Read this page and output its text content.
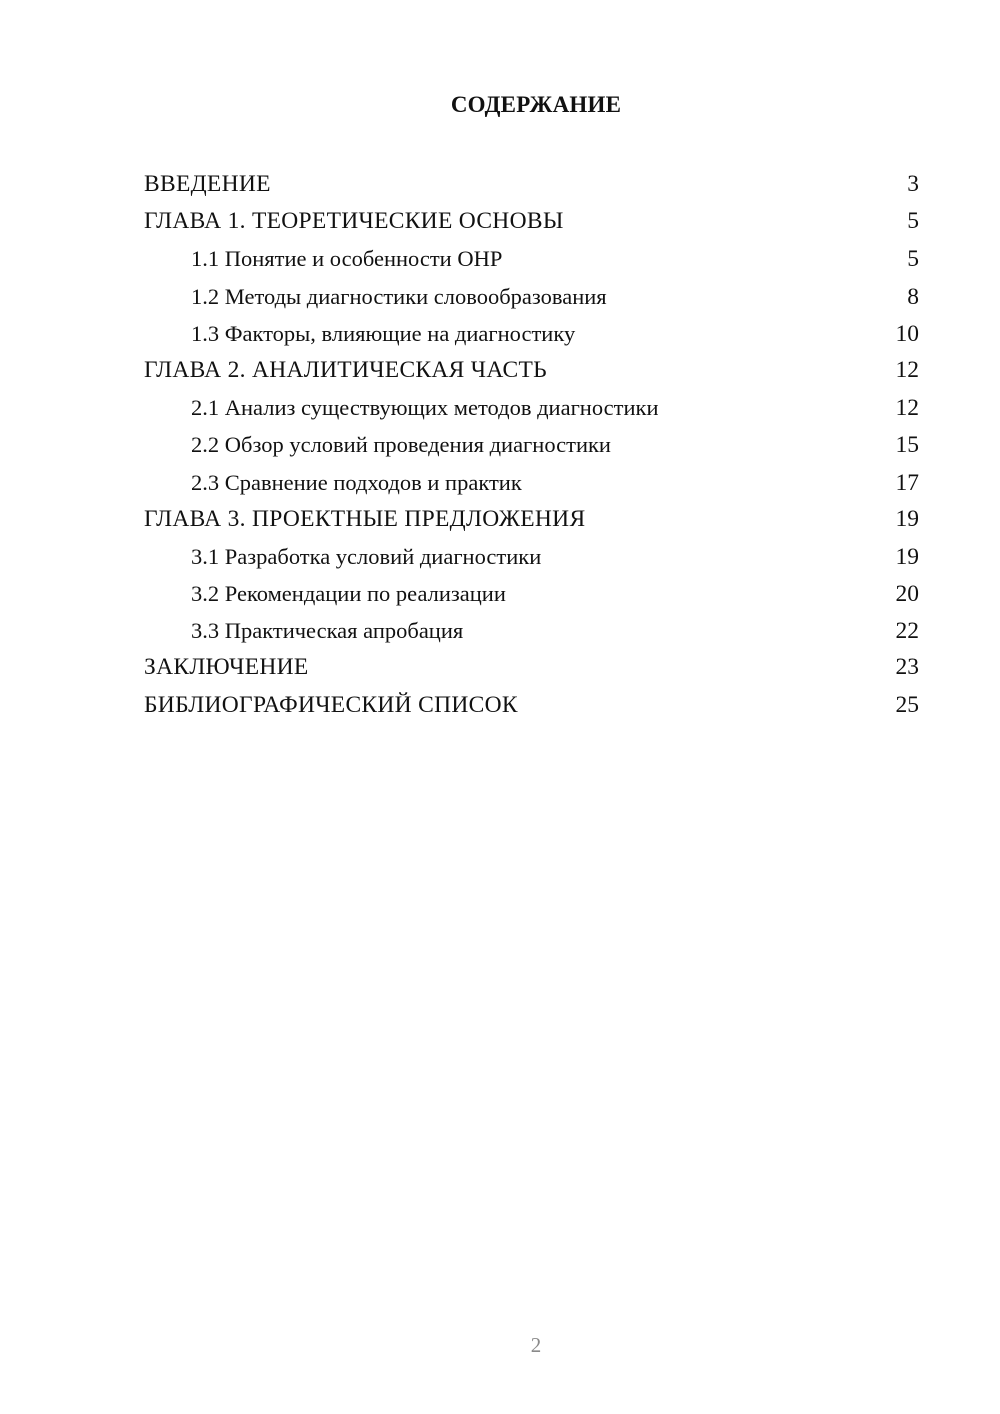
СОДЕРЖАНИЕ
ВВЕДЕНИЕ	3
ГЛАВА 1. ТЕОРЕТИЧЕСКИЕ ОСНОВЫ	5
1.1 Понятие и особенности ОНР	5
1.2 Методы диагностики словообразования	8
1.3 Факторы, влияющие на диагностику	10
ГЛАВА 2. АНАЛИТИЧЕСКАЯ ЧАСТЬ	12
2.1 Анализ существующих методов диагностики	12
2.2 Обзор условий проведения диагностики	15
2.3 Сравнение подходов и практик	17
ГЛАВА 3. ПРОЕКТНЫЕ ПРЕДЛОЖЕНИЯ	19
3.1 Разработка условий диагностики	19
3.2 Рекомендации по реализации	20
3.3 Практическая апробация	22
ЗАКЛЮЧЕНИЕ	23
БИБЛИОГРАФИЧЕСКИЙ СПИСОК	25
2
